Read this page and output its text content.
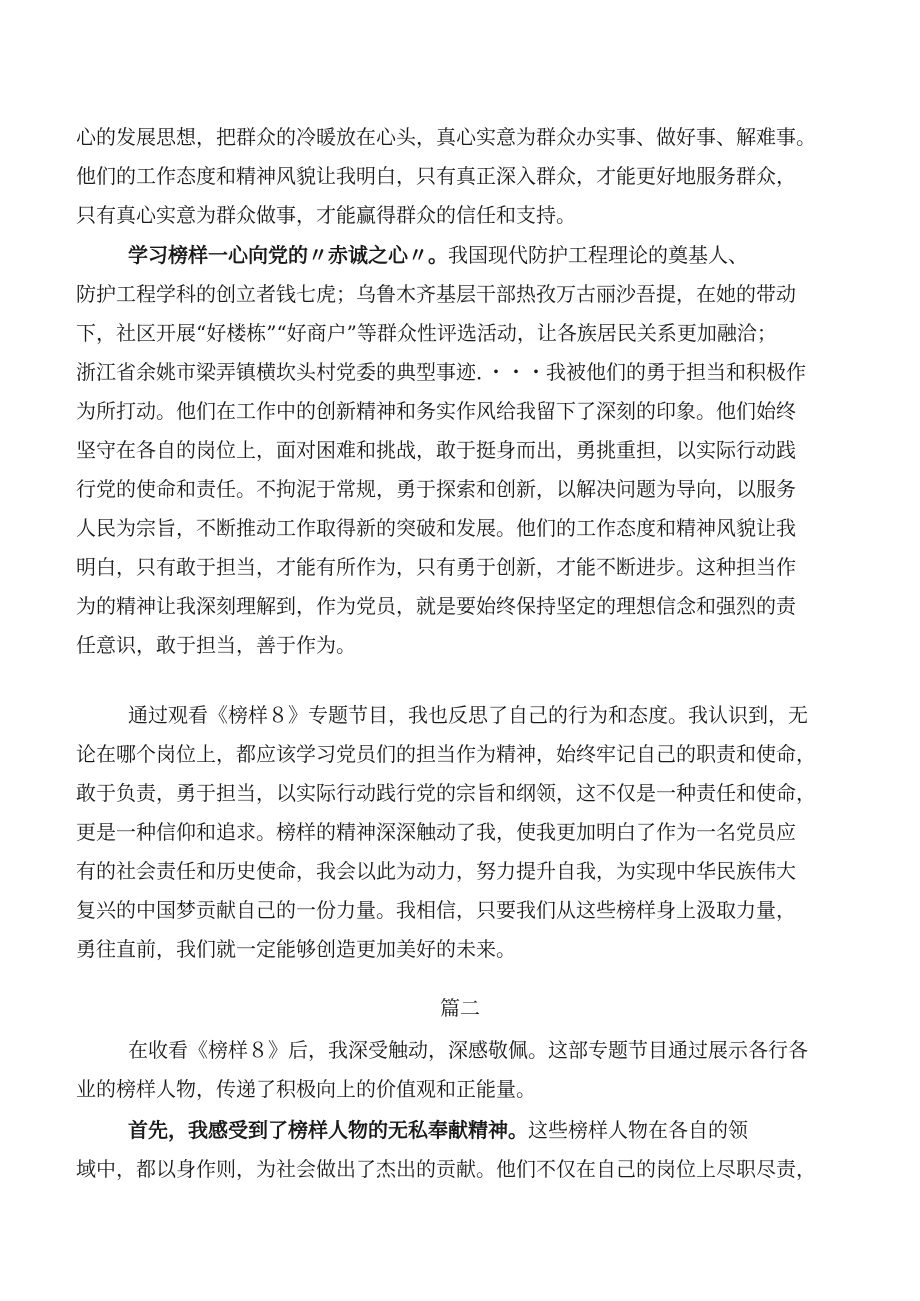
心的发展思想，把群众的冷暖放在心头，真心实意为群众办实事、做好事、解难事。
他们的工作态度和精神风貌让我明白，只有真正深入群众，才能更好地服务群众，
只有真心实意为群众做事，才能赢得群众的信任和支持。
学习榜样一心向党的〃赤诚之心〃。我国现代防护工程理论的奠基人、
防护工程学科的创立者钱七虎；乌鲁木齐基层干部热孜万古丽沙吾提，在她的带动
下，社区开展“好楼栋”“好商户”等群众性评选活动，让各族居民关系更加融洽；
浙江省余姚市梁弄镇横坎头村党委的典型事迹．・・・我被他们的勇于担当和积极作
为所打动。他们在工作中的创新精神和务实作风给我留下了深刻的印象。他们始终
坚守在各自的岗位上，面对困难和挑战，敢于挺身而出，勇挑重担，以实际行动践
行党的使命和责任。不拘泥于常规，勇于探索和创新，以解决问题为导向，以服务
人民为宗旨，不断推动工作取得新的突破和发展。他们的工作态度和精神风貌让我
明白，只有敢于担当，才能有所作为，只有勇于创新，才能不断进步。这种担当作
为的精神让我深刻理解到，作为党员，就是要始终保持坚定的理想信念和强烈的责
任意识，敢于担当，善于作为。
通过观看《榜样８》专题节目，我也反思了自己的行为和态度。我认识到，无
论在哪个岗位上，都应该学习党员们的担当作为精神，始终牢记自己的职责和使命，
敢于负责，勇于担当，以实际行动践行党的宗旨和纲领，这不仅是一种责任和使命，
更是一种信仰和追求。榜样的精神深深触动了我，使我更加明白了作为一名党员应
有的社会责任和历史使命，我会以此为动力，努力提升自我，为实现中华民族伟大
复兴的中国梦贡献自己的一份力量。我相信，只要我们从这些榜样身上汲取力量，
勇往直前，我们就一定能够创造更加美好的未来。
篇二
在收看《榜样８》后，我深受触动，深感敬佩。这部专题节目通过展示各行各
业的榜样人物，传递了积极向上的价值观和正能量。
首先，我感受到了榜样人物的无私奉献精神。这些榜样人物在各自的领
域中，都以身作则，为社会做出了杰出的贡献。他们不仅在自己的岗位上尽职尽责，
